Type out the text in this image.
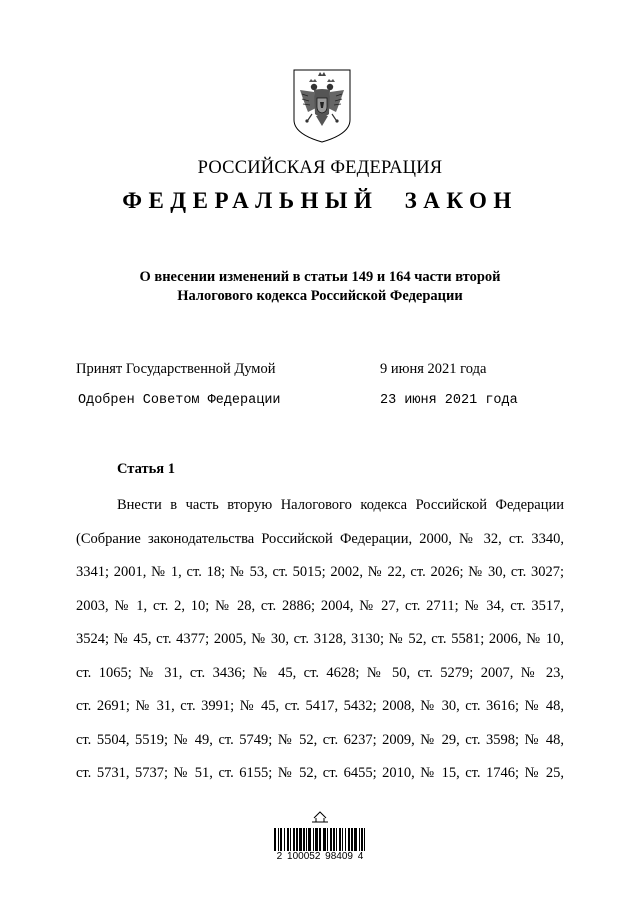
РОССИЙСКАЯ ФЕДЕРАЦИЯ
ФЕДЕРАЛЬНЫЙ ЗАКОН
О внесении изменений в статьи 149 и 164 части второй
Налогового кодекса Российской Федерации
Принят Государственной Думой	9 июня 2021 года
Одобрен Советом Федерации	23 июня 2021 года
Статья 1
Внести в часть вторую Налогового кодекса Российской Федерации
(Собрание законодательства Российской Федерации, 2000, № 32, ст. 3340,
3341; 2001, № 1, ст. 18; № 53, ст. 5015; 2002, № 22, ст. 2026; № 30, ст. 3027;
2003, № 1, ст. 2, 10; № 28, ст. 2886; 2004, № 27, ст. 2711; № 34, ст. 3517,
3524; № 45, ст. 4377; 2005, № 30, ст. 3128, 3130; № 52, ст. 5581; 2006, № 10,
ст. 1065; № 31, ст. 3436; № 45, ст. 4628; № 50, ст. 5279; 2007, № 23,
ст. 2691; № 31, ст. 3991; № 45, ст. 5417, 5432; 2008, № 30, ст. 3616; № 48,
ст. 5504, 5519; № 49, ст. 5749; № 52, ст. 6237; 2009, № 29, ст. 3598; № 48,
ст. 5731, 5737; № 51, ст. 6155; № 52, ст. 6455; 2010, № 15, ст. 1746; № 25,
2 100052 98409 4
